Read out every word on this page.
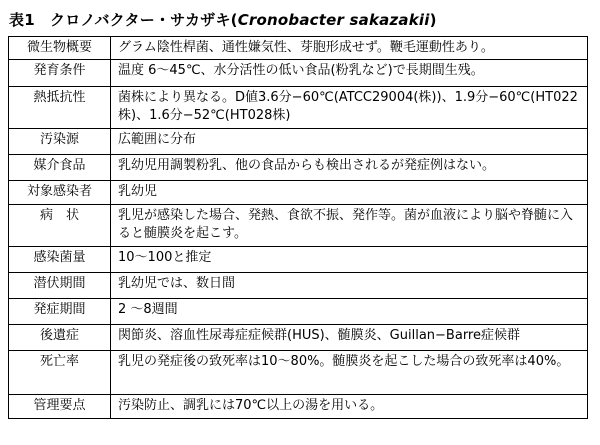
表1　クロノバクター・サカザキ(Cronobacter sakazakii)
微生物概要	グラム陰性桿菌、通性嫌気性、芽胞形成せず。鞭毛運動性あり。
発育条件	温度 6～45℃、水分活性の低い食品(粉乳など)で長期間生残。
熱抵抗性	菌株により異なる。D値3.6分−60℃(ATCC29004(株))、1.9分−60℃(HT022株)、1.6分−52℃(HT028株)
汚染源	広範囲に分布
媒介食品	乳幼児用調製粉乳、他の食品からも検出されるが発症例はない。
対象感染者	乳幼児
病　状	乳児が感染した場合、発熱、食欲不振、発作等。菌が血液により脳や脊髄に入ると髄膜炎を起こす。
感染菌量	10～100と推定
潜伏期間	乳幼児では、数日間
発症期間	2 ～8週間
後遺症	関節炎、溶血性尿毒症症候群(HUS)、髄膜炎、Guillan−Barre症候群
死亡率	乳児の発症後の致死率は10～80%。髄膜炎を起こした場合の致死率は40%。
管理要点	汚染防止、調乳には70℃以上の湯を用いる。
